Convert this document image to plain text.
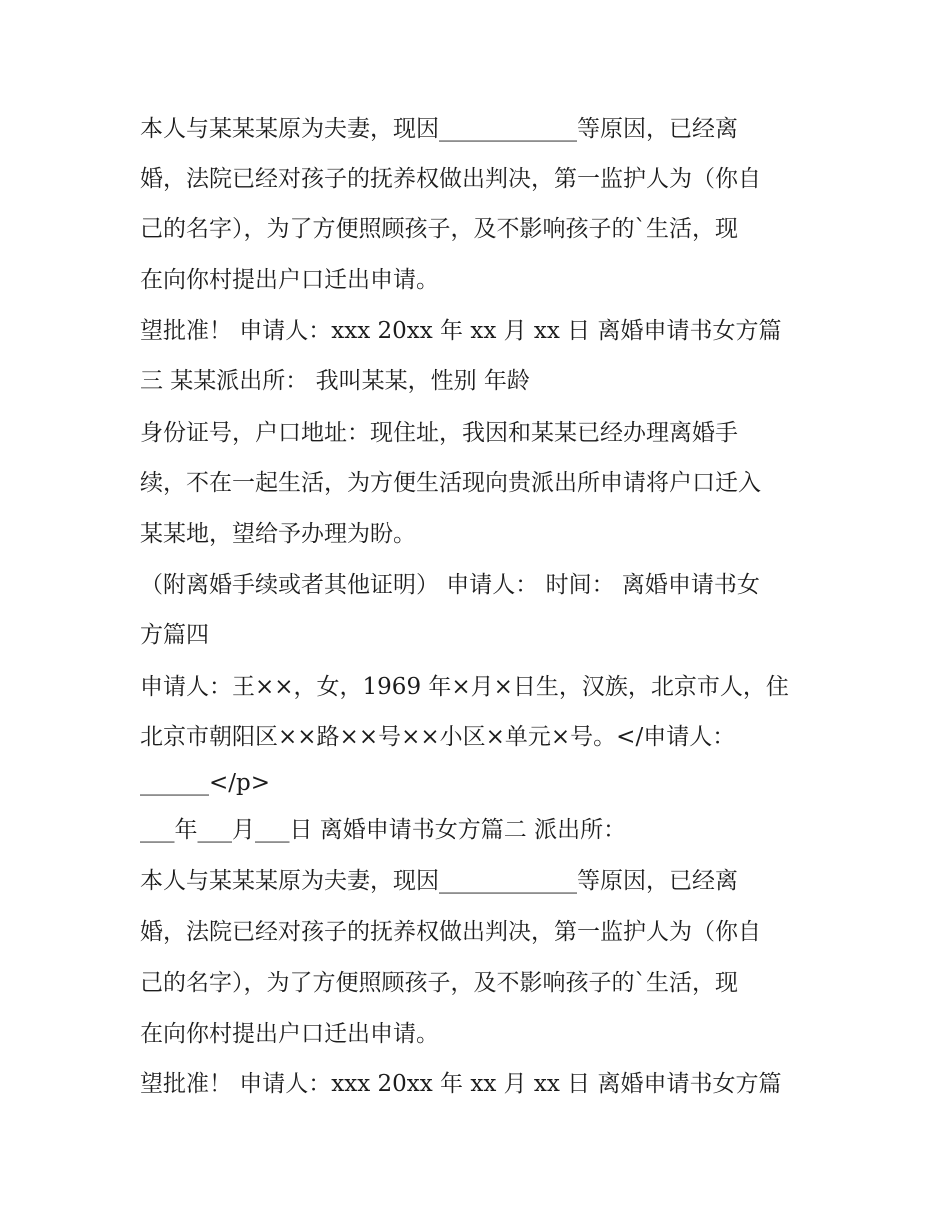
本人与某某某原为夫妻，现因____________等原因，已经离
婚，法院已经对孩子的抚养权做出判决，第一监护人为（你自
己的名字），为了方便照顾孩子，及不影响孩子的`生活，现
在向你村提出户口迁出申请。
望批准！ 申请人：xxx 20xx 年 xx 月 xx 日 离婚申请书女方篇
三 某某派出所： 我叫某某，性别 年龄
身份证号，户口地址：现住址，我因和某某已经办理离婚手
续，不在一起生活，为方便生活现向贵派出所申请将户口迁入
某某地，望给予办理为盼。
（附离婚手续或者其他证明） 申请人： 时间： 离婚申请书女
方篇四
申请人：王××，女，1969 年×月×日生，汉族，北京市人，住
北京市朝阳区××路××号××小区×单元×号。</申请人：
______</p>
___年___月___日 离婚申请书女方篇二 派出所：
本人与某某某原为夫妻，现因____________等原因，已经离
婚，法院已经对孩子的抚养权做出判决，第一监护人为（你自
己的名字），为了方便照顾孩子，及不影响孩子的`生活，现
在向你村提出户口迁出申请。
望批准！ 申请人：xxx 20xx 年 xx 月 xx 日 离婚申请书女方篇
